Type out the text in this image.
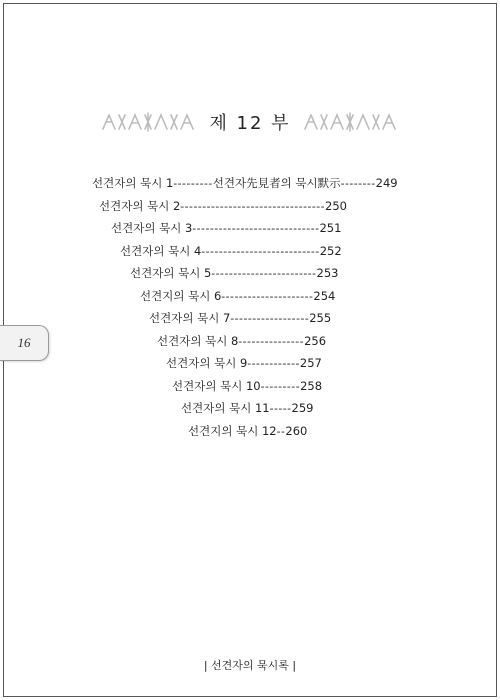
제 12 부
선견자의 묵시 1 --------- 선견자先見者의 묵시默示 -------- 249
선견자의 묵시 2 --------------------------------- 250
선견자의 묵시 3 ----------------------------- 251
선견자의 묵시 4 --------------------------- 252
선견자의 묵시 5 ------------------------ 253
선견지의 묵시 6 --------------------- 254
선견자의 묵시 7 ------------------ 255
선견자의 묵시 8 --------------- 256
선견자의 묵시 9 ------------ 257
선견자의 묵시 10 --------- 258
선견자의 묵시 11 ----- 259
선견지의 묵시 12 -- 260
16
| 선견자의 묵시록 |
